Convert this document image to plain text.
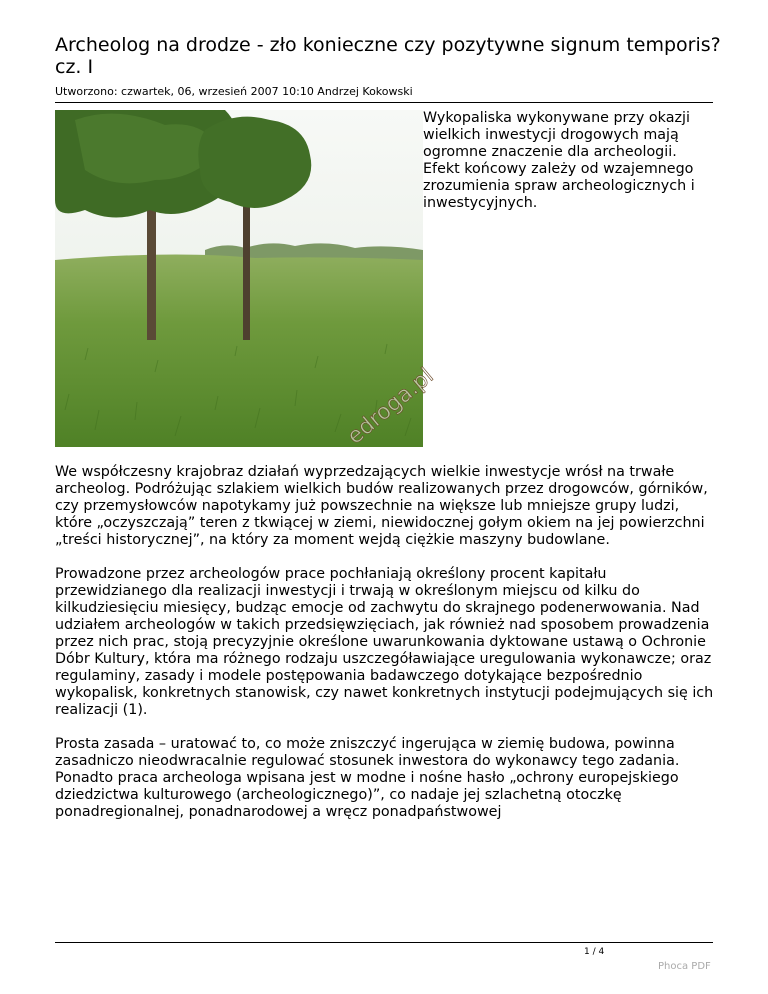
Archeolog na drodze - zło konieczne czy pozytywne signum temporis? cz. I
Utworzono: czwartek, 06, wrzesień 2007 10:10 Andrzej Kokowski
edroga.pl
Wykopaliska wykonywane przy okazji wielkich inwestycji drogowych mają ogromne znaczenie dla archeologii. Efekt końcowy zależy od wzajemnego zrozumienia spraw archeologicznych i inwestycyjnych.

We współczesny krajobraz działań wyprzedzających wielkie inwestycje wrósł na trwałe archeolog. Podróżując szlakiem wielkich budów realizowanych przez drogowców, górników, czy przemysłowców napotykamy już powszechnie na większe lub mniejsze grupy ludzi, które „oczyszczają” teren z tkwiącej w ziemi, niewidocznej gołym okiem na jej powierzchni „treści historycznej”, na który za moment wejdą ciężkie maszyny budowlane.

Prowadzone przez archeologów prace pochłaniają określony procent kapitału przewidzianego dla realizacji inwestycji i trwają w określonym miejscu od kilku do kilkudziesięciu miesięcy, budząc emocje od zachwytu do skrajnego podenerwowania. Nad udziałem archeologów w takich przedsięwzięciach, jak również nad sposobem prowadzenia przez nich prac, stoją precyzyjnie określone uwarunkowania dyktowane ustawą o Ochronie Dóbr Kultury, która ma różnego rodzaju uszczegóławiające uregulowania wykonawcze; oraz regulaminy, zasady i modele postępowania badawczego dotykające bezpośrednio wykopalisk, konkretnych stanowisk, czy nawet konkretnych instytucji podejmujących się ich realizacji (1).

Prosta zasada – uratować to, co może zniszczyć ingerująca w ziemię budowa, powinna zasadniczo nieodwracalnie regulować stosunek inwestora do wykonawcy tego zadania. Ponadto praca archeologa wpisana jest w modne i nośne hasło „ochrony europejskiego dziedzictwa kulturowego (archeologicznego)”, co nadaje jej szlachetną otoczkę ponadregionalnej, ponadnarodowej a wręcz ponadpaństwowej

1 / 4
Phoca PDF
